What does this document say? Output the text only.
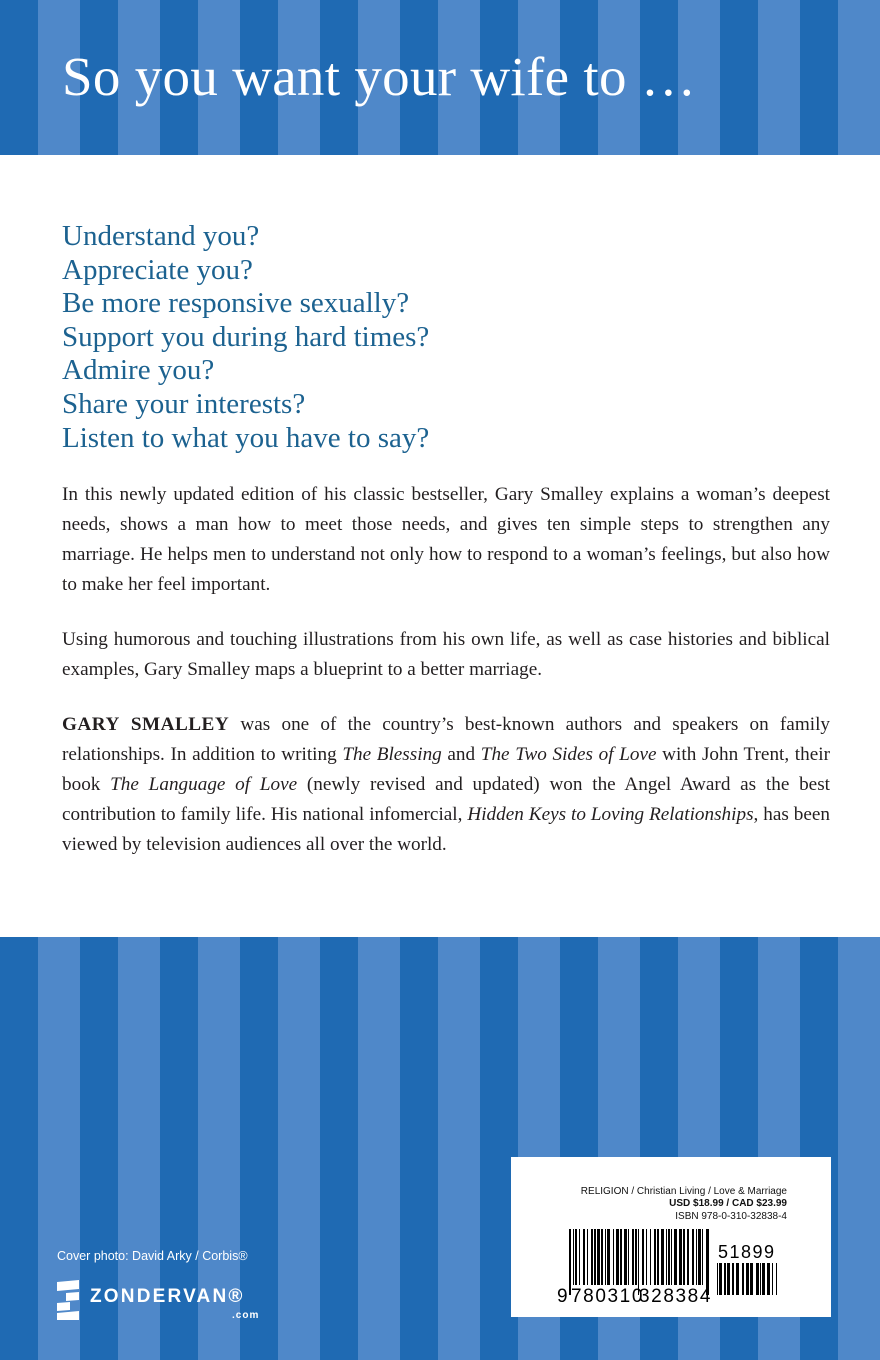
So you want your wife to …
Understand you?
Appreciate you?
Be more responsive sexually?
Support you during hard times?
Admire you?
Share your interests?
Listen to what you have to say?

In this newly updated edition of his classic bestseller, Gary Smalley explains a woman’s deepest needs, shows a man how to meet those needs, and gives ten simple steps to strengthen any marriage. He helps men to understand not only how to respond to a woman’s feelings, but also how to make her feel important.

Using humorous and touching illustrations from his own life, as well as case histories and biblical examples, Gary Smalley maps a blueprint to a better marriage.

GARY SMALLEY was one of the country’s best-known authors and speakers on family relationships. In addition to writing The Blessing and The Two Sides of Love with John Trent, their book The Language of Love (newly revised and updated) won the Angel Award as the best contribution to family life. His national infomercial, Hidden Keys to Loving Relationships, has been viewed by television audiences all over the world.

Cover photo: David Arky / Corbis®
ZONDERVAN®
.com
RELIGION / Christian Living / Love & Marriage
USD $18.99 / CAD $23.99
ISBN 978-0-310-32838-4
9 780310
328384
51899
